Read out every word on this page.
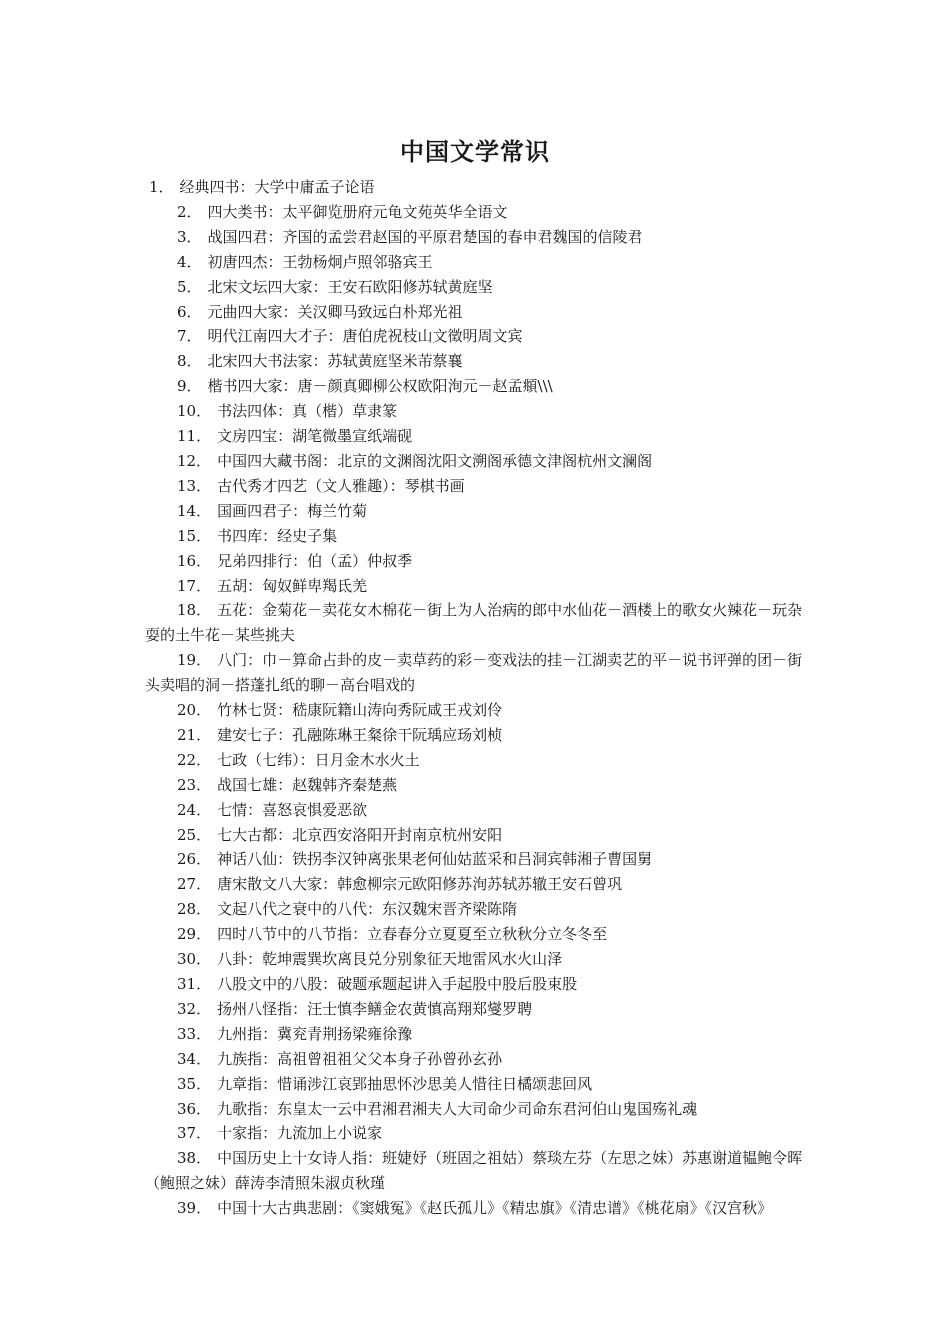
中国文学常识

1． 经典四书：大学中庸孟子论语

2． 四大类书：太平御览册府元龟文苑英华全语文

3． 战国四君：齐国的孟尝君赵国的平原君楚国的春申君魏国的信陵君

4． 初唐四杰：王勃杨炯卢照邻骆宾王

5． 北宋文坛四大家：王安石欧阳修苏轼黄庭坚

6． 元曲四大家：关汉卿马致远白朴郑光祖

7． 明代江南四大才子：唐伯虎祝枝山文徵明周文宾

8． 北宋四大书法家：苏轼黄庭坚米芾蔡襄

9． 楷书四大家：唐－颜真卿柳公权欧阳洵元－赵孟頫\\\

10． 书法四体：真（楷）草隶篆

11． 文房四宝：湖笔微墨宣纸端砚

12． 中国四大藏书阁：北京的文渊阁沈阳文溯阁承德文津阁杭州文澜阁

13． 古代秀才四艺（文人雅趣）：琴棋书画

14． 国画四君子：梅兰竹菊

15． 书四库：经史子集

16． 兄弟四排行：伯（孟）仲叔季

17． 五胡：匈奴鲜卑羯氐羌

18． 五花：金菊花－卖花女木棉花－街上为人治病的郎中水仙花－酒楼上的歌女火辣花－玩杂耍的土牛花－某些挑夫

19． 八门：巾－算命占卦的皮－卖草药的彩－变戏法的挂－江湖卖艺的平－说书评弹的团－街头卖唱的洞－搭蓬扎纸的聊－高台唱戏的

20． 竹林七贤：嵇康阮籍山涛向秀阮咸王戎刘伶

21． 建安七子：孔融陈琳王粲徐干阮瑀应玚刘桢

22． 七政（七纬）：日月金木水火土

23． 战国七雄：赵魏韩齐秦楚燕

24． 七情：喜怒哀惧爱恶欲

25． 七大古都：北京西安洛阳开封南京杭州安阳

26． 神话八仙：铁拐李汉钟离张果老何仙姑蓝采和吕洞宾韩湘子曹国舅

27． 唐宋散文八大家：韩愈柳宗元欧阳修苏洵苏轼苏辙王安石曾巩

28． 文起八代之衰中的八代：东汉魏宋晋齐梁陈隋

29． 四时八节中的八节指：立春春分立夏夏至立秋秋分立冬冬至

30． 八卦：乾坤震巽坎离艮兑分别象征天地雷风水火山泽

31． 八股文中的八股：破题承题起讲入手起股中股后股束股

32． 扬州八怪指：汪士慎李鳝金农黄慎高翔郑燮罗聘

33． 九州指：冀兖青荆扬梁雍徐豫

34． 九族指：高祖曾祖祖父父本身子孙曾孙玄孙

35． 九章指：惜诵涉江哀郢抽思怀沙思美人惜往日橘颂悲回风

36． 九歌指：东皇太一云中君湘君湘夫人大司命少司命东君河伯山鬼国殇礼魂

37． 十家指：九流加上小说家

38． 中国历史上十女诗人指：班婕妤（班固之祖姑）蔡琰左芬（左思之妹）苏惠谢道韫鲍令晖（鲍照之妹）薛涛李清照朱淑贞秋瑾

39． 中国十大古典悲剧：《窦娥冤》《赵氏孤儿》《精忠旗》《清忠谱》《桃花扇》《汉宫秋》
